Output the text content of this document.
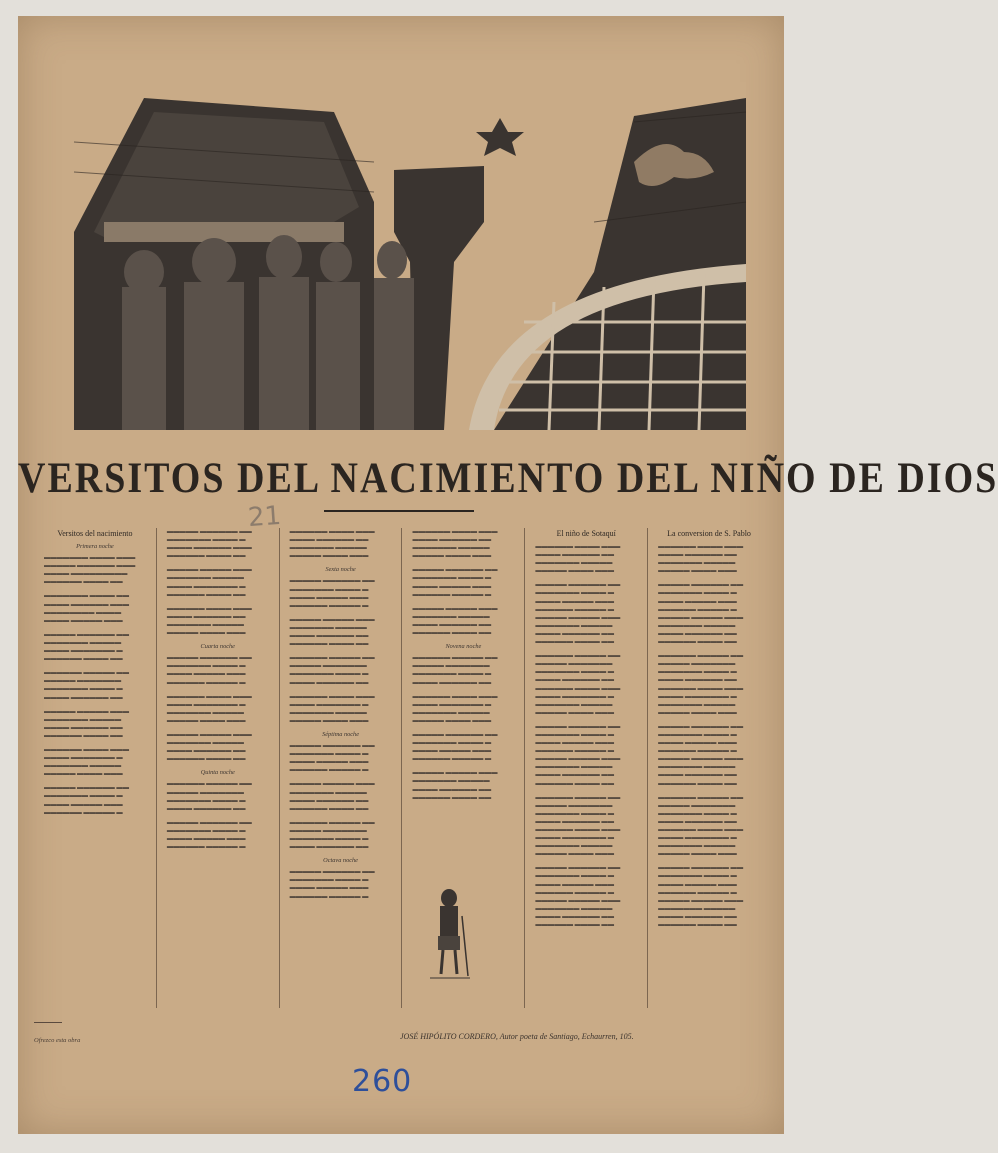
VERSITOS DEL NACIMIENTO DEL NIÑO DE DIOS
21
Versitos del nacimiento
Primera noche
▬▬▬▬▬▬▬ ▬▬▬▬ ▬▬▬
▬▬▬▬▬ ▬▬▬▬▬▬ ▬▬▬
▬▬▬▬ ▬▬▬▬▬▬▬▬▬
▬▬▬▬▬▬ ▬▬▬▬ ▬▬
▬▬▬▬▬▬▬ ▬▬▬▬ ▬▬
▬▬▬▬ ▬▬▬▬▬▬ ▬▬▬
▬▬▬▬▬▬▬▬ ▬▬▬▬
▬▬▬▬ ▬▬▬▬▬ ▬▬▬
▬▬▬▬▬ ▬▬▬▬▬▬ ▬▬
▬▬▬▬▬▬▬ ▬▬▬▬▬
▬▬▬▬ ▬▬▬▬▬▬▬ ▬
▬▬▬▬▬▬ ▬▬▬▬ ▬▬
▬▬▬▬▬▬ ▬▬▬▬▬ ▬▬
▬▬▬▬▬ ▬▬▬▬▬▬▬
▬▬▬▬▬▬▬ ▬▬▬▬ ▬
▬▬▬▬ ▬▬▬▬▬▬ ▬▬
▬▬▬▬▬ ▬▬▬▬▬ ▬▬▬
▬▬▬▬▬▬▬ ▬▬▬▬▬
▬▬▬▬ ▬▬▬▬▬▬ ▬▬
▬▬▬▬▬▬ ▬▬▬▬ ▬▬
▬▬▬▬▬▬ ▬▬▬▬ ▬▬▬
▬▬▬▬ ▬▬▬▬▬▬▬ ▬
▬▬▬▬▬▬▬ ▬▬▬▬▬
▬▬▬▬▬ ▬▬▬▬ ▬▬▬
▬▬▬▬▬ ▬▬▬▬▬▬ ▬▬
▬▬▬▬▬▬▬ ▬▬▬▬ ▬
▬▬▬▬ ▬▬▬▬▬ ▬▬▬
▬▬▬▬▬▬ ▬▬▬▬▬ ▬
▬▬▬▬▬ ▬▬▬▬▬▬ ▬▬
▬▬▬▬▬▬▬ ▬▬▬▬ ▬
▬▬▬▬ ▬▬▬▬▬▬ ▬▬▬
▬▬▬▬▬▬ ▬▬▬▬ ▬▬
▬▬▬▬▬ ▬▬▬▬▬ ▬▬▬
▬▬▬▬▬▬▬ ▬▬▬▬▬
▬▬▬▬ ▬▬▬▬▬▬▬ ▬
▬▬▬▬▬▬ ▬▬▬▬ ▬▬
▬▬▬▬▬▬ ▬▬▬▬ ▬▬▬
▬▬▬▬ ▬▬▬▬▬▬ ▬▬
▬▬▬▬▬▬▬ ▬▬▬▬▬
▬▬▬▬▬ ▬▬▬▬ ▬▬▬
Cuarta noche
▬▬▬▬▬ ▬▬▬▬▬▬ ▬▬
▬▬▬▬▬▬▬ ▬▬▬▬ ▬
▬▬▬▬ ▬▬▬▬▬ ▬▬▬
▬▬▬▬▬▬ ▬▬▬▬▬ ▬
▬▬▬▬▬▬ ▬▬▬▬ ▬▬▬
▬▬▬▬ ▬▬▬▬▬▬▬ ▬
▬▬▬▬▬▬▬ ▬▬▬▬▬
▬▬▬▬▬ ▬▬▬▬ ▬▬▬
▬▬▬▬▬ ▬▬▬▬▬ ▬▬▬
▬▬▬▬▬▬▬ ▬▬▬▬▬
▬▬▬▬ ▬▬▬▬▬▬ ▬▬
▬▬▬▬▬▬ ▬▬▬▬ ▬▬
Quinta noche
▬▬▬▬▬▬ ▬▬▬▬▬ ▬▬
▬▬▬▬▬ ▬▬▬▬▬▬▬
▬▬▬▬▬▬▬ ▬▬▬▬ ▬
▬▬▬▬ ▬▬▬▬▬▬ ▬▬
▬▬▬▬▬ ▬▬▬▬▬▬ ▬▬
▬▬▬▬▬▬▬ ▬▬▬▬ ▬
▬▬▬▬ ▬▬▬▬▬ ▬▬▬
▬▬▬▬▬▬ ▬▬▬▬▬ ▬
▬▬▬▬▬▬ ▬▬▬▬ ▬▬▬
▬▬▬▬ ▬▬▬▬▬▬ ▬▬
▬▬▬▬▬▬▬ ▬▬▬▬▬
▬▬▬▬▬ ▬▬▬▬ ▬▬▬
Sexta noche
▬▬▬▬▬ ▬▬▬▬▬▬ ▬▬
▬▬▬▬▬▬▬ ▬▬▬▬ ▬
▬▬▬▬ ▬▬▬▬▬ ▬▬▬
▬▬▬▬▬▬ ▬▬▬▬▬ ▬
▬▬▬▬▬ ▬▬▬▬▬ ▬▬▬
▬▬▬▬▬▬▬ ▬▬▬▬▬
▬▬▬▬ ▬▬▬▬▬▬ ▬▬
▬▬▬▬▬▬ ▬▬▬▬ ▬▬
▬▬▬▬▬▬ ▬▬▬▬▬ ▬▬
▬▬▬▬▬ ▬▬▬▬▬▬▬
▬▬▬▬▬▬▬ ▬▬▬▬ ▬
▬▬▬▬ ▬▬▬▬▬▬ ▬▬
▬▬▬▬▬▬ ▬▬▬▬ ▬▬▬
▬▬▬▬ ▬▬▬▬▬▬▬ ▬
▬▬▬▬▬▬▬ ▬▬▬▬▬
▬▬▬▬▬ ▬▬▬▬ ▬▬▬
Séptima noche
▬▬▬▬▬ ▬▬▬▬▬▬ ▬▬
▬▬▬▬▬▬▬ ▬▬▬▬ ▬
▬▬▬▬ ▬▬▬▬▬ ▬▬▬
▬▬▬▬▬▬ ▬▬▬▬▬ ▬
▬▬▬▬▬ ▬▬▬▬▬ ▬▬▬
▬▬▬▬▬▬▬ ▬▬▬▬▬
▬▬▬▬ ▬▬▬▬▬▬ ▬▬
▬▬▬▬▬▬ ▬▬▬▬ ▬▬
▬▬▬▬▬▬ ▬▬▬▬▬ ▬▬
▬▬▬▬▬ ▬▬▬▬▬▬▬
▬▬▬▬▬▬▬ ▬▬▬▬ ▬
▬▬▬▬ ▬▬▬▬▬▬ ▬▬
Octava noche
▬▬▬▬▬ ▬▬▬▬▬▬ ▬▬
▬▬▬▬▬▬▬ ▬▬▬▬ ▬
▬▬▬▬ ▬▬▬▬▬ ▬▬▬
▬▬▬▬▬▬ ▬▬▬▬▬ ▬
▬▬▬▬▬▬ ▬▬▬▬ ▬▬▬
▬▬▬▬ ▬▬▬▬▬▬ ▬▬
▬▬▬▬▬▬▬ ▬▬▬▬▬
▬▬▬▬▬ ▬▬▬▬ ▬▬▬
▬▬▬▬▬ ▬▬▬▬▬▬ ▬▬
▬▬▬▬▬▬▬ ▬▬▬▬ ▬
▬▬▬▬ ▬▬▬▬▬ ▬▬▬
▬▬▬▬▬▬ ▬▬▬▬▬ ▬
▬▬▬▬▬ ▬▬▬▬▬ ▬▬▬
▬▬▬▬▬▬▬ ▬▬▬▬▬
▬▬▬▬ ▬▬▬▬▬▬ ▬▬
▬▬▬▬▬▬ ▬▬▬▬ ▬▬
Novena noche
▬▬▬▬▬▬ ▬▬▬▬▬ ▬▬
▬▬▬▬▬ ▬▬▬▬▬▬▬
▬▬▬▬▬▬▬ ▬▬▬▬ ▬
▬▬▬▬ ▬▬▬▬▬▬ ▬▬
▬▬▬▬▬▬ ▬▬▬▬ ▬▬▬
▬▬▬▬ ▬▬▬▬▬▬▬ ▬
▬▬▬▬▬▬▬ ▬▬▬▬▬
▬▬▬▬▬ ▬▬▬▬ ▬▬▬
▬▬▬▬▬ ▬▬▬▬▬▬ ▬▬
▬▬▬▬▬▬▬ ▬▬▬▬ ▬
▬▬▬▬ ▬▬▬▬▬ ▬▬▬
▬▬▬▬▬▬ ▬▬▬▬▬ ▬
▬▬▬▬▬ ▬▬▬▬▬ ▬▬▬
▬▬▬▬▬▬▬ ▬▬▬▬▬
▬▬▬▬ ▬▬▬▬▬▬ ▬▬
▬▬▬▬▬▬ ▬▬▬▬ ▬▬
El niño de Sotaquí
▬▬▬▬▬▬ ▬▬▬▬ ▬▬▬
▬▬▬▬ ▬▬▬▬▬▬ ▬▬
▬▬▬▬▬▬▬ ▬▬▬▬▬
▬▬▬▬▬ ▬▬▬▬ ▬▬▬
▬▬▬▬▬ ▬▬▬▬▬▬ ▬▬
▬▬▬▬▬▬▬ ▬▬▬▬ ▬
▬▬▬▬ ▬▬▬▬▬ ▬▬▬
▬▬▬▬▬▬ ▬▬▬▬▬ ▬
▬▬▬▬▬ ▬▬▬▬▬ ▬▬▬
▬▬▬▬▬▬▬ ▬▬▬▬▬
▬▬▬▬ ▬▬▬▬▬▬ ▬▬
▬▬▬▬▬▬ ▬▬▬▬ ▬▬
▬▬▬▬▬▬ ▬▬▬▬▬ ▬▬
▬▬▬▬▬ ▬▬▬▬▬▬▬
▬▬▬▬▬▬▬ ▬▬▬▬ ▬
▬▬▬▬ ▬▬▬▬▬▬ ▬▬
▬▬▬▬▬▬ ▬▬▬▬ ▬▬▬
▬▬▬▬ ▬▬▬▬▬▬▬ ▬
▬▬▬▬▬▬▬ ▬▬▬▬▬
▬▬▬▬▬ ▬▬▬▬ ▬▬▬
▬▬▬▬▬ ▬▬▬▬▬▬ ▬▬
▬▬▬▬▬▬▬ ▬▬▬▬ ▬
▬▬▬▬ ▬▬▬▬▬ ▬▬▬
▬▬▬▬▬▬ ▬▬▬▬▬ ▬
▬▬▬▬▬ ▬▬▬▬▬ ▬▬▬
▬▬▬▬▬▬▬ ▬▬▬▬▬
▬▬▬▬ ▬▬▬▬▬▬ ▬▬
▬▬▬▬▬▬ ▬▬▬▬ ▬▬
▬▬▬▬▬▬ ▬▬▬▬▬ ▬▬
▬▬▬▬▬ ▬▬▬▬▬▬▬
▬▬▬▬▬▬▬ ▬▬▬▬ ▬
▬▬▬▬ ▬▬▬▬▬▬ ▬▬
▬▬▬▬▬▬ ▬▬▬▬ ▬▬▬
▬▬▬▬ ▬▬▬▬▬▬▬ ▬
▬▬▬▬▬▬▬ ▬▬▬▬▬
▬▬▬▬▬ ▬▬▬▬ ▬▬▬
▬▬▬▬▬ ▬▬▬▬▬▬ ▬▬
▬▬▬▬▬▬▬ ▬▬▬▬ ▬
▬▬▬▬ ▬▬▬▬▬ ▬▬▬
▬▬▬▬▬▬ ▬▬▬▬▬ ▬
▬▬▬▬▬ ▬▬▬▬▬ ▬▬▬
▬▬▬▬▬▬▬ ▬▬▬▬▬
▬▬▬▬ ▬▬▬▬▬▬ ▬▬
▬▬▬▬▬▬ ▬▬▬▬ ▬▬
La conversion de S. Pablo
▬▬▬▬▬▬ ▬▬▬▬ ▬▬▬
▬▬▬▬ ▬▬▬▬▬▬ ▬▬
▬▬▬▬▬▬▬ ▬▬▬▬▬
▬▬▬▬▬ ▬▬▬▬ ▬▬▬
▬▬▬▬▬ ▬▬▬▬▬▬ ▬▬
▬▬▬▬▬▬▬ ▬▬▬▬ ▬
▬▬▬▬ ▬▬▬▬▬ ▬▬▬
▬▬▬▬▬▬ ▬▬▬▬▬ ▬
▬▬▬▬▬ ▬▬▬▬▬ ▬▬▬
▬▬▬▬▬▬▬ ▬▬▬▬▬
▬▬▬▬ ▬▬▬▬▬▬ ▬▬
▬▬▬▬▬▬ ▬▬▬▬ ▬▬
▬▬▬▬▬▬ ▬▬▬▬▬ ▬▬
▬▬▬▬▬ ▬▬▬▬▬▬▬
▬▬▬▬▬▬▬ ▬▬▬▬ ▬
▬▬▬▬ ▬▬▬▬▬▬ ▬▬
▬▬▬▬▬▬ ▬▬▬▬ ▬▬▬
▬▬▬▬ ▬▬▬▬▬▬▬ ▬
▬▬▬▬▬▬▬ ▬▬▬▬▬
▬▬▬▬▬ ▬▬▬▬ ▬▬▬
▬▬▬▬▬ ▬▬▬▬▬▬ ▬▬
▬▬▬▬▬▬▬ ▬▬▬▬ ▬
▬▬▬▬ ▬▬▬▬▬ ▬▬▬
▬▬▬▬▬▬ ▬▬▬▬▬ ▬
▬▬▬▬▬ ▬▬▬▬▬ ▬▬▬
▬▬▬▬▬▬▬ ▬▬▬▬▬
▬▬▬▬ ▬▬▬▬▬▬ ▬▬
▬▬▬▬▬▬ ▬▬▬▬ ▬▬
▬▬▬▬▬▬ ▬▬▬▬▬ ▬▬
▬▬▬▬▬ ▬▬▬▬▬▬▬
▬▬▬▬▬▬▬ ▬▬▬▬ ▬
▬▬▬▬ ▬▬▬▬▬▬ ▬▬
▬▬▬▬▬▬ ▬▬▬▬ ▬▬▬
▬▬▬▬ ▬▬▬▬▬▬▬ ▬
▬▬▬▬▬▬▬ ▬▬▬▬▬
▬▬▬▬▬ ▬▬▬▬ ▬▬▬
▬▬▬▬▬ ▬▬▬▬▬▬ ▬▬
▬▬▬▬▬▬▬ ▬▬▬▬ ▬
▬▬▬▬ ▬▬▬▬▬ ▬▬▬
▬▬▬▬▬▬ ▬▬▬▬▬ ▬
▬▬▬▬▬ ▬▬▬▬▬ ▬▬▬
▬▬▬▬▬▬▬ ▬▬▬▬▬
▬▬▬▬ ▬▬▬▬▬▬ ▬▬
▬▬▬▬▬▬ ▬▬▬▬ ▬▬
Ofrezco esta obra	JOSÉ HIPÓLITO CORDERO, Autor poeta de Santiago, Echaurren, 105.
260
